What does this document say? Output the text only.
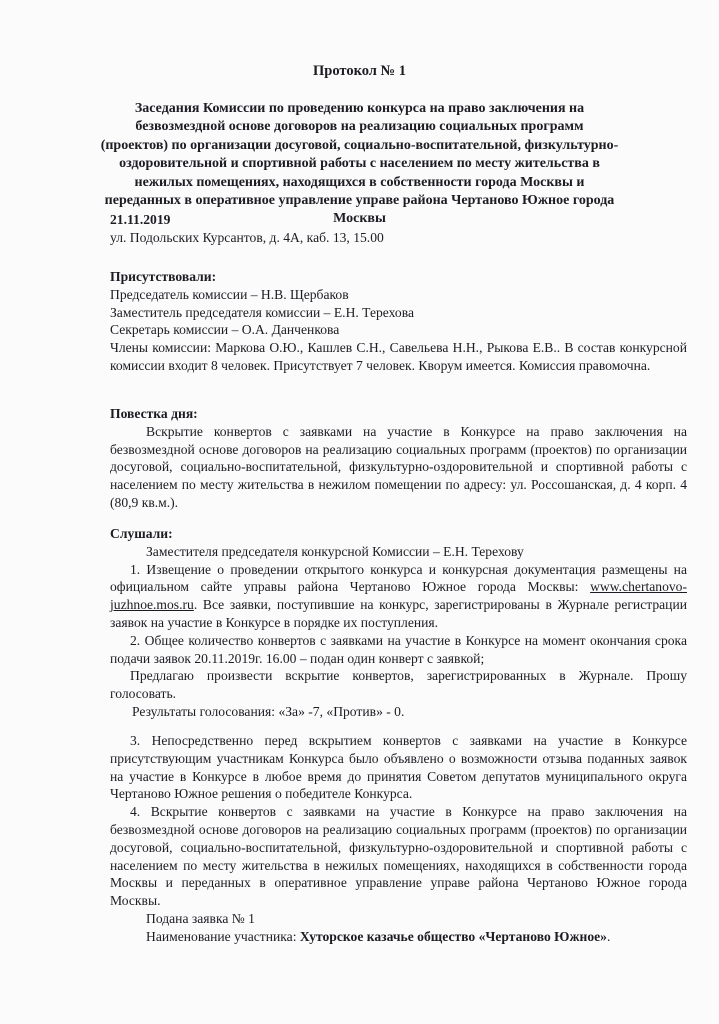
Протокол № 1
Заседания Комиссии по проведению конкурса на право заключения на безвозмездной основе договоров на реализацию социальных программ (проектов) по организации досуговой, социально-воспитательной, физкультурно-оздоровительной и спортивной работы с населением по месту жительства в нежилых помещениях, находящихся в собственности города Москвы и переданных в оперативное управление управе района Чертаново Южное города Москвы
21.11.2019
ул. Подольских Курсантов, д. 4А, каб. 13, 15.00
Присутствовали:
Председатель комиссии – Н.В. Щербаков
Заместитель председателя комиссии – Е.Н. Терехова
Секретарь комиссии – О.А. Данченкова
Члены комиссии: Маркова О.Ю., Кашлев С.Н., Савельева Н.Н., Рыкова Е.В.. В состав конкурсной комиссии входит 8 человек. Присутствует 7 человек. Кворум имеется. Комиссия правомочна.
Повестка дня:
Вскрытие конвертов с заявками на участие в Конкурсе на право заключения на безвозмездной основе договоров на реализацию социальных программ (проектов) по организации досуговой, социально-воспитательной, физкультурно-оздоровительной и спортивной работы с населением по месту жительства в нежилом помещении по адресу: ул. Россошанская, д. 4 корп. 4 (80,9 кв.м.).
Слушали:
Заместителя председателя конкурсной Комиссии – Е.Н. Терехову

1. Извещение о проведении открытого конкурса и конкурсная документация размещены на официальном сайте управы района Чертаново Южное города Москвы: www.chertanovo-juzhnoe.mos.ru. Все заявки, поступившие на конкурс, зарегистрированы в Журнале регистрации заявок на участие в Конкурсе в порядке их поступления.

2. Общее количество конвертов с заявками на участие в Конкурсе на момент окончания срока подачи заявок 20.11.2019г. 16.00 – подан один конверт с заявкой;

Предлагаю произвести вскрытие конвертов, зарегистрированных в Журнале. Прошу голосовать.

Результаты голосования: «За» -7, «Против» - 0.

3. Непосредственно перед вскрытием конвертов с заявками на участие в Конкурсе присутствующим участникам Конкурса было объявлено о возможности отзыва поданных заявок на участие в Конкурсе в любое время до принятия Советом депутатов муниципального округа Чертаново Южное решения о победителе Конкурса.

4. Вскрытие конвертов с заявками на участие в Конкурсе на право заключения на безвозмездной основе договоров на реализацию социальных программ (проектов) по организации досуговой, социально-воспитательной, физкультурно-оздоровительной и спортивной работы с населением по месту жительства в нежилых помещениях, находящихся в собственности города Москвы и переданных в оперативное управление управе района Чертаново Южное города Москвы.

Подана заявка № 1
Наименование участника: Хуторское казачье общество «Чертаново Южное».
